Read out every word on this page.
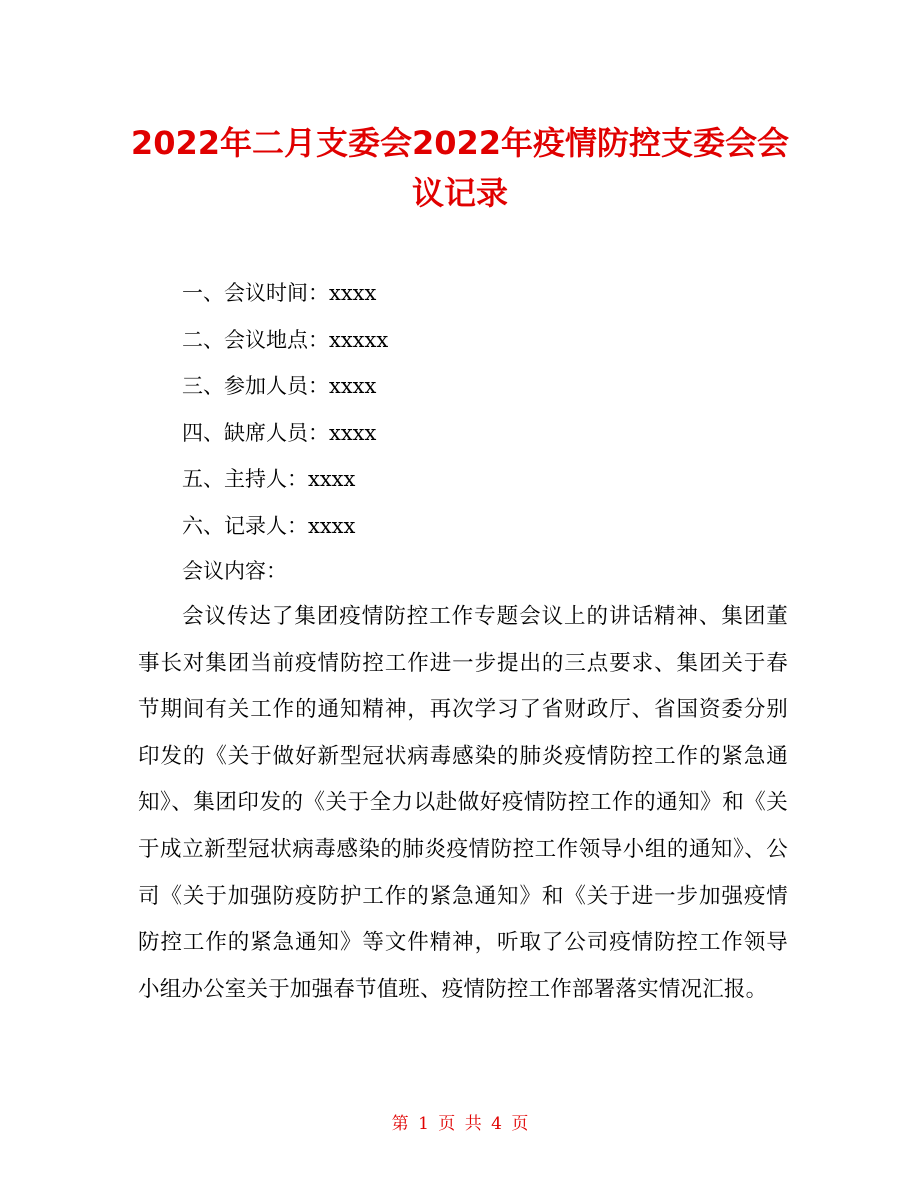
2022年二月支委会2022年疫情防控支委会会议记录
一、会议时间：xxxx
二、会议地点：xxxxx
三、参加人员：xxxx
四、缺席人员：xxxx
五、主持人：xxxx
六、记录人：xxxx

会议内容：

会议传达了集团疫情防控工作专题会议上的讲话精神、集团董事长对集团当前疫情防控工作进一步提出的三点要求、集团关于春节期间有关工作的通知精神，再次学习了省财政厅、省国资委分别印发的《关于做好新型冠状病毒感染的肺炎疫情防控工作的紧急通知》、集团印发的《关于全力以赴做好疫情防控工作的通知》和《关于成立新型冠状病毒感染的肺炎疫情防控工作领导小组的通知》、公司《关于加强防疫防护工作的紧急通知》和《关于进一步加强疫情防控工作的紧急通知》等文件精神，听取了公司疫情防控工作领导小组办公室关于加强春节值班、疫情防控工作部署落实情况汇报。

第 1 页 共 4 页
